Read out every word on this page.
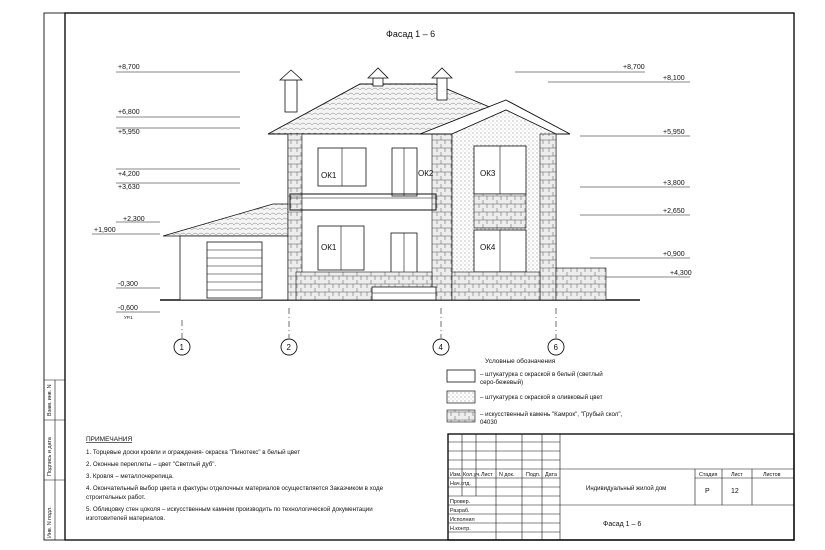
Инв. N подл.
Подпись и дата
Взам. инв. N
Фасад 1 – 6
+8,700
+6,800
+5,950
+4,200
+3,630
+2,300
+1,900
-0,300
-0,600
УР.1
+8,700
+8,100
+5,950
+3,800
+2,650
+0,900
+4,300
ОК1	ОК2	ОК3
ОК1	ОК4
1	2	4	6
Условные обозначения
– штукатурка с окраской в белый (светлый серо-бежевый)
– штукатурка с окраской в оливковый цвет
– искусственный камень "Камрок", "Грубый скол", 04030
ПРИМЕЧАНИЯ
1. Торцевые доски кровли и ограждения- окраска "Пинотекс" в белый цвет
2. Оконные переплеты – цвет "Светлый дуб".
3. Кровля – металлочерепица.
4. Окончательный выбор цвета и фактуры отделочных материалов осуществляется Заказчиком в ходе строительных работ.
5. Облицовку стен цоколя – искусственным камнем производить по технологической документации изготовителей материалов.
Изм. Кол.уч. Лист N док. Подп. Дата
Нач.отд.
Провер.
Разраб.
Исполнил
Н.контр.
Индивидуальный жилой дом
Стадия	Лист	Листов
Р	12
Фасад 1 – 6
